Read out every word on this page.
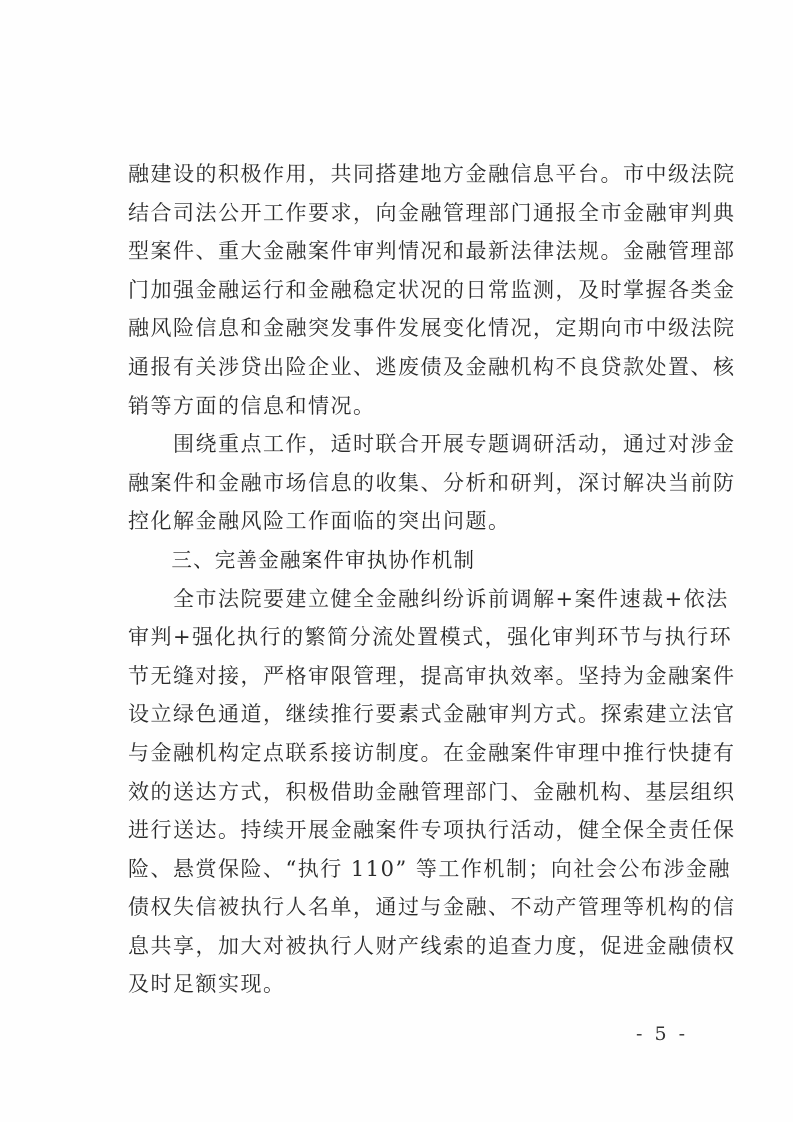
融建设的积极作用，共同搭建地方金融信息平台。市中级法院
结合司法公开工作要求，向金融管理部门通报全市金融审判典
型案件、重大金融案件审判情况和最新法律法规。金融管理部
门加强金融运行和金融稳定状况的日常监测，及时掌握各类金
融风险信息和金融突发事件发展变化情况，定期向市中级法院
通报有关涉贷出险企业、逃废债及金融机构不良贷款处置、核
销等方面的信息和情况。
　　围绕重点工作，适时联合开展专题调研活动，通过对涉金
融案件和金融市场信息的收集、分析和研判，深讨解决当前防
控化解金融风险工作面临的突出问题。
　　三、完善金融案件审执协作机制
　　全市法院要建立健全金融纠纷诉前调解+案件速裁+依法
审判+强化执行的繁简分流处置模式，强化审判环节与执行环
节无缝对接，严格审限管理，提高审执效率。坚持为金融案件
设立绿色通道，继续推行要素式金融审判方式。探索建立法官
与金融机构定点联系接访制度。在金融案件审理中推行快捷有
效的送达方式，积极借助金融管理部门、金融机构、基层组织
进行送达。持续开展金融案件专项执行活动，健全保全责任保
险、悬赏保险、“执行 110” 等工作机制；向社会公布涉金融
债权失信被执行人名单，通过与金融、不动产管理等机构的信
息共享，加大对被执行人财产线索的追查力度，促进金融债权
及时足额实现。
- 5 -
